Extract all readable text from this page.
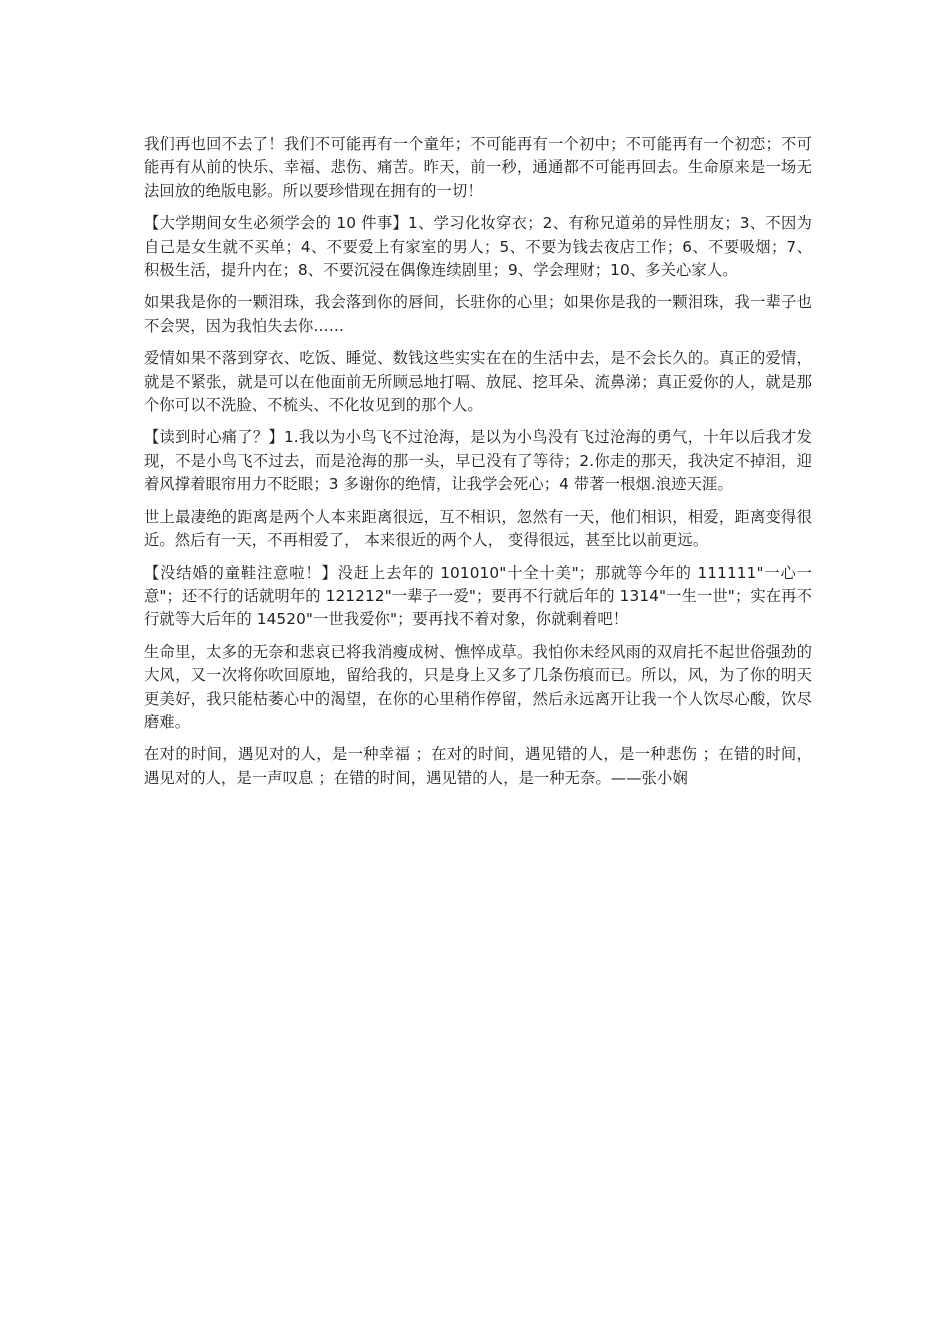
我们再也回不去了！我们不可能再有一个童年；不可能再有一个初中；不可能再有一个初恋；不可能再有从前的快乐、幸福、悲伤、痛苦。昨天，前一秒，通通都不可能再回去。生命原来是一场无法回放的绝版电影。所以要珍惜现在拥有的一切！

【大学期间女生必须学会的 10 件事】1、学习化妆穿衣；2、有称兄道弟的异性朋友；3、不因为自己是女生就不买单；4、不要爱上有家室的男人；5、不要为钱去夜店工作；6、不要吸烟；7、积极生活，提升内在；8、不要沉浸在偶像连续剧里；9、学会理财；10、多关心家人。

如果我是你的一颗泪珠，我会落到你的唇间，长驻你的心里；如果你是我的一颗泪珠，我一辈子也不会哭，因为我怕失去你……

爱情如果不落到穿衣、吃饭、睡觉、数钱这些实实在在的生活中去，是不会长久的。真正的爱情，就是不紧张，就是可以在他面前无所顾忌地打嗝、放屁、挖耳朵、流鼻涕；真正爱你的人，就是那个你可以不洗脸、不梳头、不化妆见到的那个人。

【读到时心痛了？】1.我以为小鸟飞不过沧海，是以为小鸟没有飞过沧海的勇气，十年以后我才发现，不是小鸟飞不过去，而是沧海的那一头，早已没有了等待；2.你走的那天，我决定不掉泪，迎着风撑着眼帘用力不眨眼；3 多谢你的绝情，让我学会死心；4 带著一根烟.浪迹天涯。

世上最凄绝的距离是两个人本来距离很远，互不相识，忽然有一天，他们相识，相爱，距离变得很近。然后有一天，不再相爱了， 本来很近的两个人， 变得很远，甚至比以前更远。

【没结婚的童鞋注意啦！】没赶上去年的 101010"十全十美"；那就等今年的 111111"一心一意"；还不行的话就明年的 121212"一辈子一爱"；要再不行就后年的 1314"一生一世"；实在再不行就等大后年的 14520"一世我爱你"；要再找不着对象，你就剩着吧！

生命里，太多的无奈和悲哀已将我消瘦成树、憔悴成草。我怕你未经风雨的双肩托不起世俗强劲的大风，又一次将你吹回原地，留给我的，只是身上又多了几条伤痕而已。所以，风，为了你的明天更美好，我只能枯萎心中的渴望，在你的心里稍作停留，然后永远离开让我一个人饮尽心酸，饮尽磨难。

在对的时间，遇见对的人，是一种幸福 ；在对的时间，遇见错的人，是一种悲伤 ；在错的时间，遇见对的人，是一声叹息 ；在错的时间，遇见错的人，是一种无奈。——张小娴
